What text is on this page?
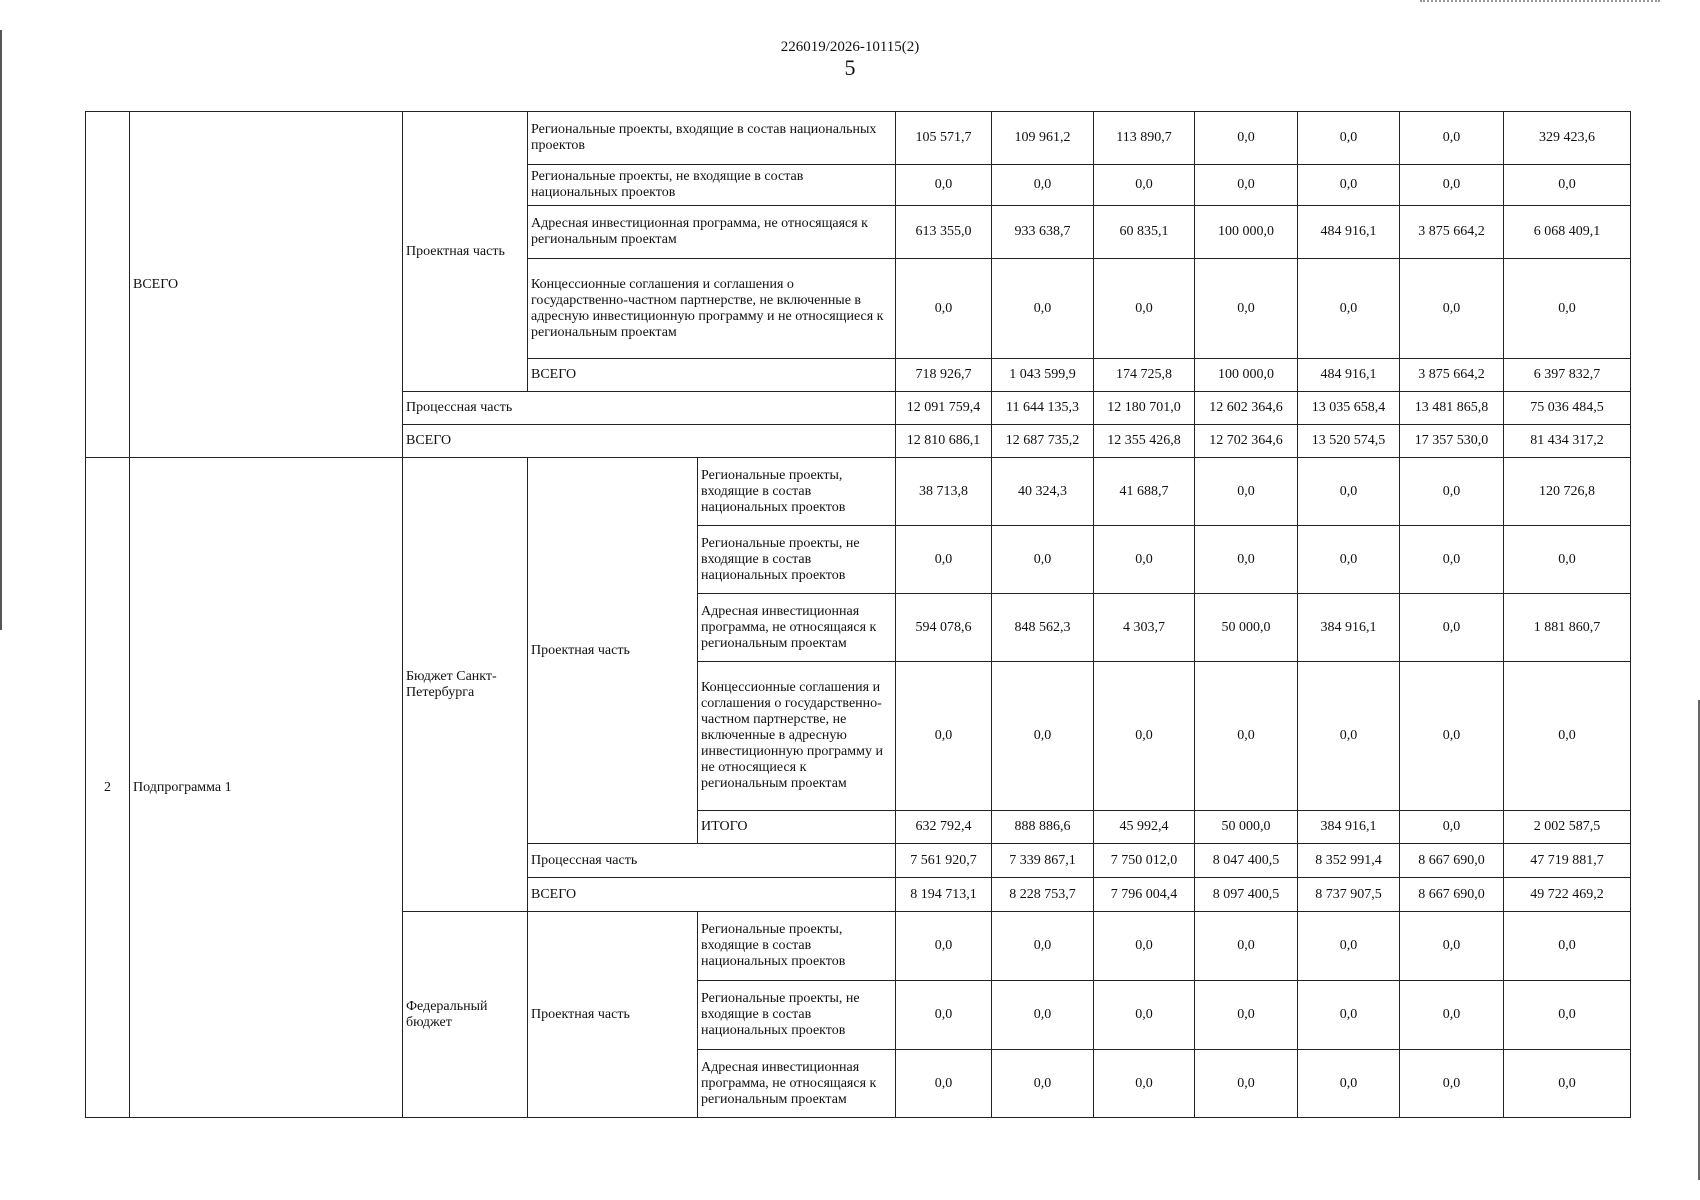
226019/2026-10115(2)
5
	ВСЕГО	Проектная часть	Региональные проекты, входящие в состав национальных проектов		105 571,7	109 961,2	113 890,7	0,0	0,0	0,0	329 423,6
			Региональные проекты, не входящие в состав национальных проектов		0,0	0,0	0,0	0,0	0,0	0,0	0,0
			Адресная инвестиционная программа, не относящаяся к региональным проектам		613 355,0	933 638,7	60 835,1	100 000,0	484 916,1	3 875 664,2	6 068 409,1
			Концессионные соглашения и соглашения о государственно-частном партнерстве, не включенные в адресную инвестиционную программу и не относящиеся к региональным проектам		0,0	0,0	0,0	0,0	0,0	0,0	0,0
			ВСЕГО		718 926,7	1 043 599,9	174 725,8	100 000,0	484 916,1	3 875 664,2	6 397 832,7
		Процессная часть			12 091 759,4	11 644 135,3	12 180 701,0	12 602 364,6	13 035 658,4	13 481 865,8	75 036 484,5
		ВСЕГО			12 810 686,1	12 687 735,2	12 355 426,8	12 702 364,6	13 520 574,5	17 357 530,0	81 434 317,2
2	Подпрограмма 1	Бюджет Санкт-Петербурга	Проектная часть	Региональные проекты, входящие в состав национальных проектов	38 713,8	40 324,3	41 688,7	0,0	0,0	0,0	120 726,8
				Региональные проекты, не входящие в состав национальных проектов	0,0	0,0	0,0	0,0	0,0	0,0	0,0
				Адресная инвестиционная программа, не относящаяся к региональным проектам	594 078,6	848 562,3	4 303,7	50 000,0	384 916,1	0,0	1 881 860,7
				Концессионные соглашения и соглашения о государственно-частном партнерстве, не включенные в адресную инвестиционную программу и не относящиеся к региональным проектам	0,0	0,0	0,0	0,0	0,0	0,0	0,0
				ИТОГО	632 792,4	888 886,6	45 992,4	50 000,0	384 916,1	0,0	2 002 587,5
			Процессная часть		7 561 920,7	7 339 867,1	7 750 012,0	8 047 400,5	8 352 991,4	8 667 690,0	47 719 881,7
			ВСЕГО		8 194 713,1	8 228 753,7	7 796 004,4	8 097 400,5	8 737 907,5	8 667 690,0	49 722 469,2
		Федеральный бюджет	Проектная часть	Региональные проекты, входящие в состав национальных проектов	0,0	0,0	0,0	0,0	0,0	0,0	0,0
				Региональные проекты, не входящие в состав национальных проектов	0,0	0,0	0,0	0,0	0,0	0,0	0,0
				Адресная инвестиционная программа, не относящаяся к региональным проектам	0,0	0,0	0,0	0,0	0,0	0,0	0,0
